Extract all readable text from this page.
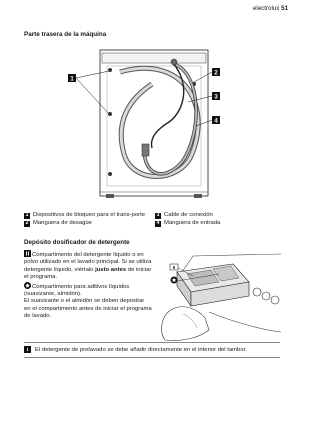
electrolux 51
Parte trasera de la máquina
1
2
3
4
1 Dispositivos de bloqueo para el trans-porte
2 Manguera de desagüe
3 Cable de conexión
4 Manguera de entrada
Depósito dosificador de detergente

Compartimento del detergente líquido o en polvo utilizado en el lavado principal. Si se utiliza detergente líquido, viértalo justo antes de iniciar el programa.

Compartimento para aditivos líquidos (suavizante, almidón).

El suavizante o el almidón se deben depositar en el compartimento antes de iniciar el programa de lavado.

II
i	El detergente de prelavado se debe añadir directamente en el interior del tambor.
